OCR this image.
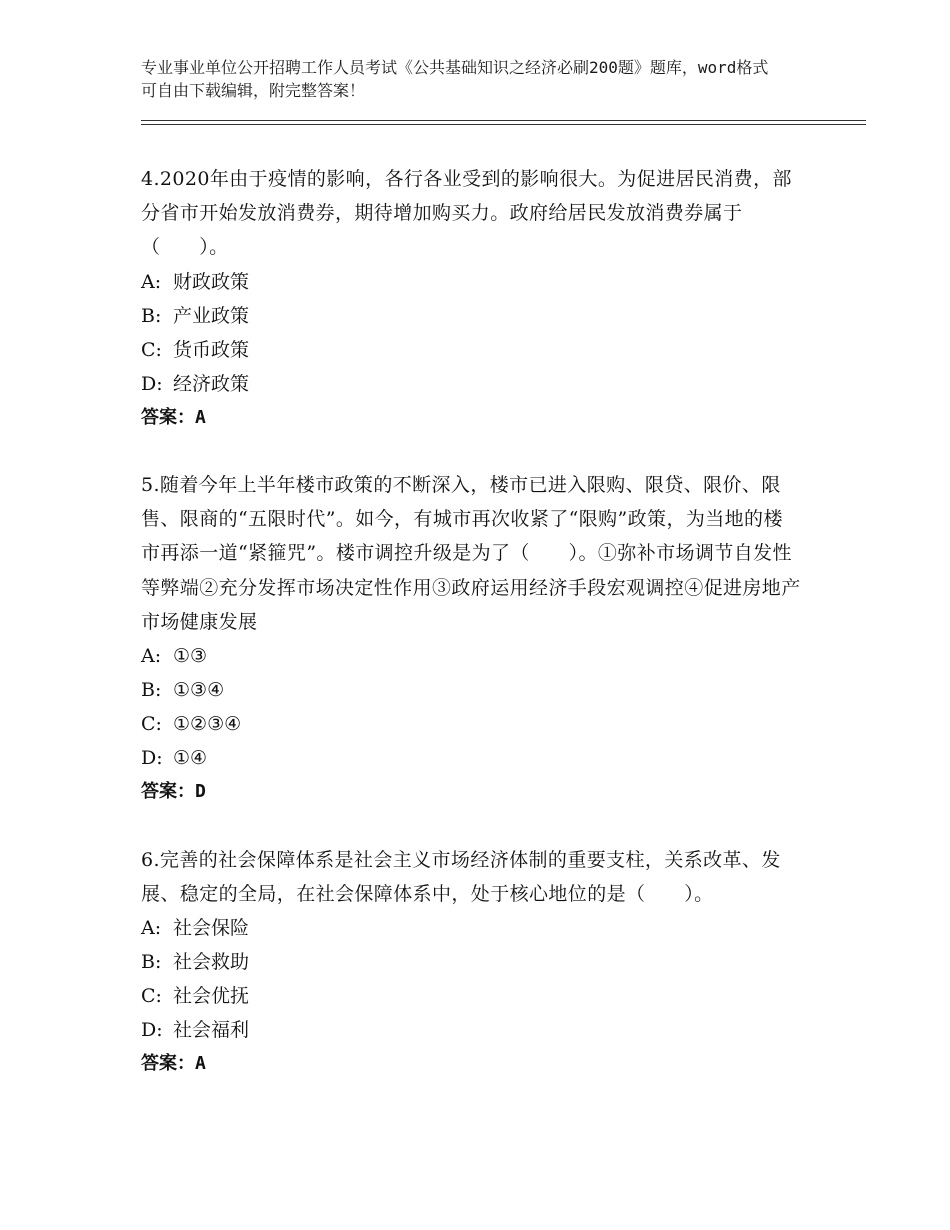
专业事业单位公开招聘工作人员考试《公共基础知识之经济必刷200题》题库，word格式可自由下载编辑，附完整答案！

4.2020年由于疫情的影响，各行各业受到的影响很大。为促进居民消费，部分省市开始发放消费券，期待增加购买力。政府给居民发放消费券属于（　　）。

A: 财政政策
B: 产业政策
C: 货币政策
D: 经济政策
答案：A

5.随着今年上半年楼市政策的不断深入，楼市已进入限购、限贷、限价、限售、限商的“五限时代”。如今，有城市再次收紧了“限购”政策，为当地的楼市再添一道“紧箍咒”。楼市调控升级是为了（　　）。①弥补市场调节自发性等弊端②充分发挥市场决定性作用③政府运用经济手段宏观调控④促进房地产市场健康发展

A: ①③
B: ①③④
C: ①②③④
D: ①④
答案：D

6.完善的社会保障体系是社会主义市场经济体制的重要支柱，关系改革、发展、稳定的全局，在社会保障体系中，处于核心地位的是（　　）。

A: 社会保险
B: 社会救助
C: 社会优抚
D: 社会福利
答案：A
